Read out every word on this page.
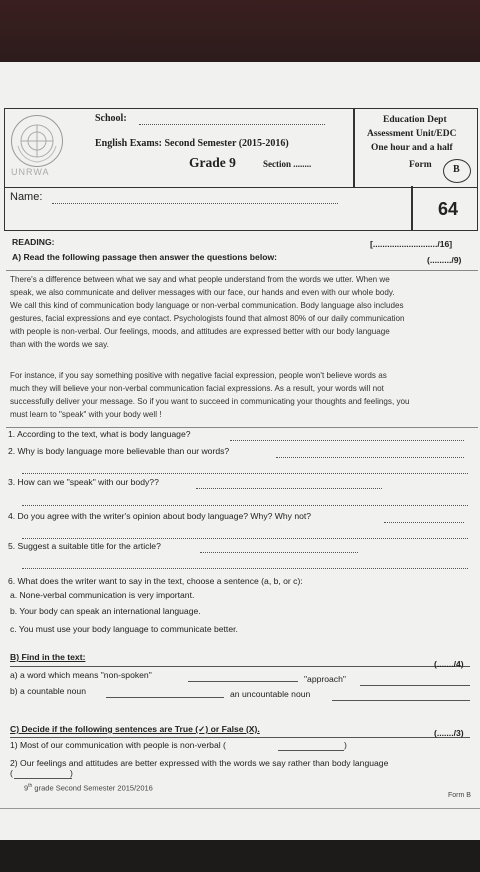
UNRWA
School:
English Exams: Second Semester (2015-2016)
Grade 9	Section ........
Education Dept
Assessment Unit/EDC
One hour and a half
Form B
Name:
64
READING:	[.........................../16]
A) Read the following passage then answer the questions below:	(........./9)
There's a difference between what we say and what people understand from the words we utter. When we
speak, we also communicate and deliver messages with our face, our hands and even with our whole body.
We call this kind of communication body language or non-verbal communication. Body language also includes
gestures, facial expressions and eye contact. Psychologists found that almost 80% of our daily communication
with people is non-verbal. Our feelings, moods, and attitudes are expressed better with our body language
than with the words we say.
For instance, if you say something positive with negative facial expression, people won't believe words as
much they will believe your non-verbal communication facial expressions. As a result, your words will not
successfully deliver your message. So if you want to succeed in communicating your thoughts and feelings, you
must learn to "speak" with your body well !
1. According to the text, what is body language?
2. Why is body language more believable than our words?
3. How can we "speak" with our body??
4. Do you agree with the writer's opinion about body language? Why? Why not?
5. Suggest a suitable title for the article?
6. What does the writer want to say in the text, choose a sentence (a, b, or c):
a. None-verbal communication is very important.
b. Your body can speak an international language.
c. You must use your body language to communicate better.
B) Find in the text:
(......./4)
a) a word which means "non-spoken"	"approach"
b) a countable noun	an uncountable noun
C) Decide if the following sentences are True (✓) or False (X).	(......./3)
1) Most of our communication with people is non-verbal (	)
2) Our feelings and attitudes are better expressed with the words we say rather than body language
(	)
9th grade Second Semester 2015/2016
Form B
